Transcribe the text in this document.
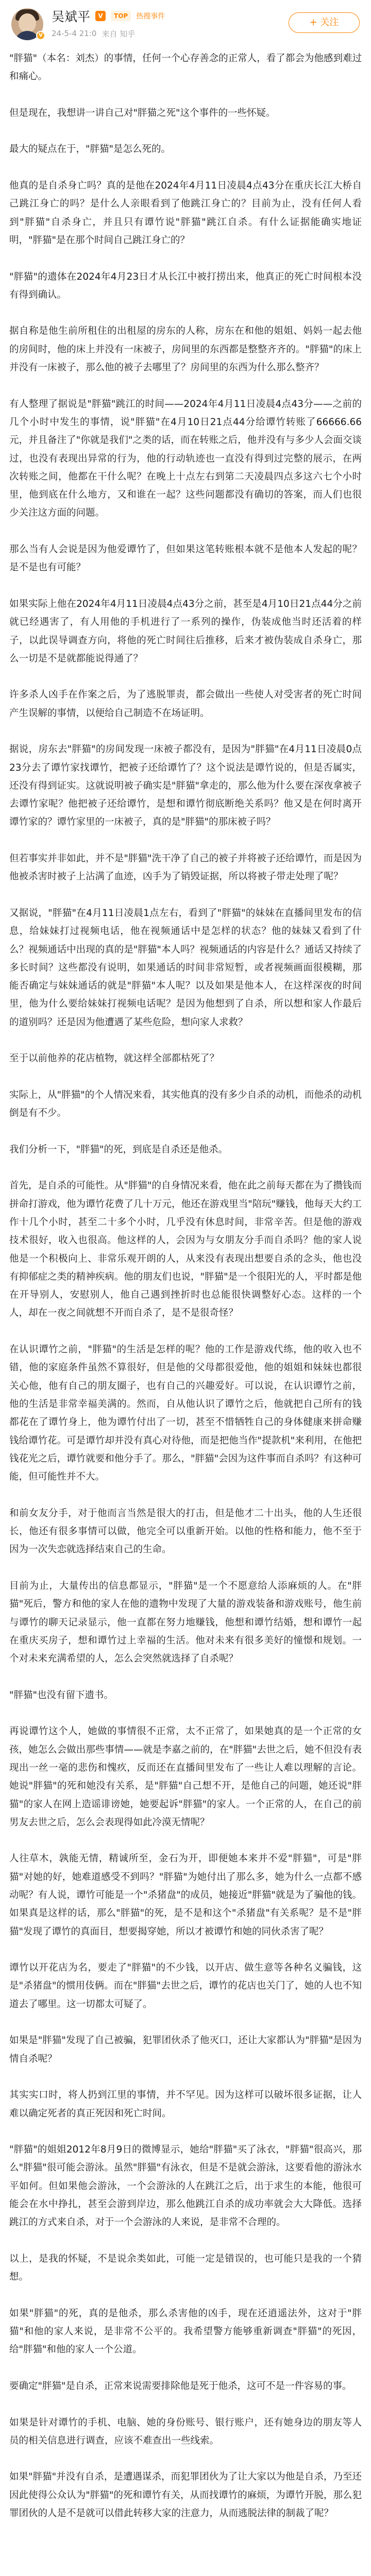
V
吴斌平	V	TOP	热搜事件
24-5-4 21:0 来自 知乎
+ 关注

"胖猫"（本名：刘杰）的事情，任何一个心存善念的正常人，看了都会为他感到难过和痛心。

但是现在，我想讲一讲自己对"胖猫之死"这个事件的一些怀疑。

最大的疑点在于，"胖猫"是怎么死的。

他真的是自杀身亡吗？真的是他在2024年4月11日凌晨4点43分在重庆长江大桥自己跳江身亡的吗？是什么人亲眼看到了他跳江身亡的？目前为止，没有任何人看到"胖猫"自杀身亡，并且只有谭竹说"胖猫"跳江自杀。有什么证据能确实地证明，"胖猫"是在那个时间自己跳江身亡的？

"胖猫"的遗体在2024年4月23日才从长江中被打捞出来，他真正的死亡时间根本没有得到确认。

据自称是他生前所租住的出租屋的房东的人称，房东在和他的姐姐、妈妈一起去他的房间时，他的床上并没有一床被子，房间里的东西都是整整齐齐的。"胖猫"的床上并没有一床被子，那么他的被子去哪里了？房间里的东西为什么那么整齐？

有人整理了据说是"胖猫"跳江的时间——2024年4月11日凌晨4点43分——之前的几个小时中发生的事情，说"胖猫"在4月10日21点44分给谭竹转账了66666.66元，并且备注了"你就是我们"之类的话，而在转账之后，他并没有与多少人会面交谈过，也没有表现出异常的行为，他的行动轨迹也一直没有得到过完整的展示，在两次转账之间，他都在干什么呢？在晚上十点左右到第二天凌晨四点多这六七个小时里，他到底在什么地方，又和谁在一起？这些问题都没有确切的答案，而人们也很少关注这方面的问题。

那么当有人会说是因为他爱谭竹了，但如果这笔转账根本就不是他本人发起的呢？是不是也有可能？

如果实际上他在2024年4月11日凌晨4点43分之前，甚至是4月10日21点44分之前就已经遇害了，有人用他的手机进行了一系列的操作，伪装成他当时还活着的样子，以此误导调查方向，将他的死亡时间往后推移，后来才被伪装成自杀身亡，那么一切是不是就都能说得通了？

许多杀人凶手在作案之后，为了逃脱罪责，都会做出一些使人对受害者的死亡时间产生误解的事情，以便给自己制造不在场证明。

据说，房东去"胖猫"的房间发现一床被子都没有，是因为"胖猫"在4月11日凌晨0点23分去了谭竹家找谭竹，把被子还给谭竹了？这个说法是谭竹说的，但是否属实，还没有得到证实。这就说明被子确实是"胖猫"拿走的，那么他为什么要在深夜拿被子去谭竹家呢？他把被子还给谭竹，是想和谭竹彻底断绝关系吗？他又是在何时离开谭竹家的？谭竹家里的一床被子，真的是"胖猫"的那床被子吗？

但若事实并非如此，并不是"胖猫"洗干净了自己的被子并将被子还给谭竹，而是因为他被杀害时被子上沾满了血迹，凶手为了销毁证据，所以将被子带走处理了呢？

又据说，"胖猫"在4月11日凌晨1点左右，看到了"胖猫"的妹妹在直播间里发布的信息，给妹妹打过视频电话，他在视频通话中是怎样的状态？他的妹妹又看到了什么？视频通话中出现的真的是"胖猫"本人吗？视频通话的内容是什么？通话又持续了多长时间？这些都没有说明，如果通话的时间非常短暂，或者视频画面很模糊，那能否确定与妹妹通话的就是"胖猫"本人呢？以及如果是他本人，在这样深夜的时间里，他为什么要给妹妹打视频电话呢？是因为他想到了自杀，所以想和家人作最后的道别吗？还是因为他遭遇了某些危险，想向家人求救？

至于以前他养的花店植物，就这样全部都枯死了？

实际上，从"胖猫"的个人情况来看，其实他真的没有多少自杀的动机，而他杀的动机倒是有不少。

我们分析一下，"胖猫"的死，到底是自杀还是他杀。

首先，是自杀的可能性。从"胖猫"的自身情况来看，他在此之前每天都在为了攒钱而拼命打游戏，他为谭竹花费了几十万元，他还在游戏里当"陪玩"赚钱，他每天大约工作十几个小时，甚至二十多个小时，几乎没有休息时间，非常辛苦。但是他的游戏技术很好，收入也很高。他这样的人，会因为与女朋友分手而自杀吗？他的家人说他是一个积极向上、非常乐观开朗的人，从来没有表现出想要自杀的念头，他也没有抑郁症之类的精神疾病。他的朋友们也说，"胖猫"是一个很阳光的人，平时都是他在开导别人，安慰别人，他自己遇到挫折时也总能很快调整好心态。这样的一个人，却在一夜之间就想不开而自杀了，是不是很奇怪？

在认识谭竹之前，"胖猫"的生活是怎样的呢？他的工作是游戏代练，他的收入也不错，他的家庭条件虽然不算很好，但是他的父母都很爱他，他的姐姐和妹妹也都很关心他，他有自己的朋友圈子，也有自己的兴趣爱好。可以说，在认识谭竹之前，他的生活是非常幸福美满的。然而，自从他认识了谭竹之后，他就把自己所有的钱都花在了谭竹身上，他为谭竹付出了一切，甚至不惜牺牲自己的身体健康来拼命赚钱给谭竹花。可是谭竹却并没有真心对待他，而是把他当作"提款机"来利用，在他把钱花光之后，谭竹就要和他分手了。那么，"胖猫"会因为这件事而自杀吗？有这种可能，但可能性并不大。

和前女友分手，对于他而言当然是很大的打击，但是他才二十出头，他的人生还很长，他还有很多事情可以做，他完全可以重新开始。以他的性格和能力，他不至于因为一次失恋就选择结束自己的生命。

目前为止，大量传出的信息都显示，"胖猫"是一个不愿意给人添麻烦的人。在"胖猫"死后，警方和他的家人在他的遗物中发现了大量的游戏装备和游戏账号，他生前与谭竹的聊天记录显示，他一直都在努力地赚钱，他想和谭竹结婚，想和谭竹一起在重庆买房子，想和谭竹过上幸福的生活。他对未来有很多美好的憧憬和规划。一个对未来充满希望的人，怎么会突然就选择了自杀呢？

"胖猫"也没有留下遗书。

再说谭竹这个人，她做的事情很不正常，太不正常了，如果她真的是一个正常的女孩，她怎么会做出那些事情——就是李嘉之前的，在"胖猫"去世之后，她不但没有表现出一丝一毫的悲伤和愧疚，反而还在直播间里发布了一些让人难以理解的言论。她说"胖猫"的死和她没有关系，是"胖猫"自己想不开，是他自己的问题，她还说"胖猫"的家人在网上造谣诽谤她，她要起诉"胖猫"的家人。一个正常的人，在自己的前男友去世之后，怎么会表现得如此冷漠无情呢？

人往草木，孰能无情，精诚所至，金石为开，即便她本来并不爱"胖猫"，可是"胖猫"对她的好，她难道感受不到吗？"胖猫"为她付出了那么多，她为什么一点都不感动呢？有人说，谭竹可能是一个"杀猪盘"的成员，她接近"胖猫"就是为了骗他的钱。如果真是这样的话，那么"胖猫"的死，是不是和这个"杀猪盘"有关系呢？是不是"胖猫"发现了谭竹的真面目，想要揭穿她，所以才被谭竹和她的同伙杀害了呢？

谭竹以开花店为名，要走了"胖猫"的不少钱，以开店、做生意等各种名义骗钱，这是"杀猪盘"的惯用伎俩。而在"胖猫"去世之后，谭竹的花店也关门了，她的人也不知道去了哪里。这一切都太可疑了。

如果是"胖猫"发现了自己被骗，犯罪团伙杀了他灭口，还让大家都认为"胖猫"是因为情自杀呢？

其实实口时，将人扔到江里的事情，并不罕见。因为这样可以破坏很多证据，让人难以确定死者的真正死因和死亡时间。

"胖猫"的姐姐2012年8月9日的微博显示，她给"胖猫"买了泳衣，"胖猫"很高兴，那么"胖猫"很可能会游泳。虽然"胖猫"有泳衣，但是不是就会游泳，这要看他的游泳水平如何。但如果他会游泳，一个会游泳的人在跳江之后，出于求生的本能，他很可能会在水中挣扎，甚至会游到岸边，那么他跳江自杀的成功率就会大大降低。选择跳江的方式来自杀，对于一个会游泳的人来说，是非常不合理的。

以上，是我的怀疑，不是说余类如此，可能一定是错误的，也可能只是我的一个猜想。

如果"胖猫"的死，真的是他杀，那么杀害他的凶手，现在还逍遥法外，这对于"胖猫"和他的家人来说，是非常不公平的。我希望警方能够重新调查"胖猫"的死因，给"胖猫"和他的家人一个公道。

要确定"胖猫"是自杀，正常来说需要排除他是死于他杀，这可不是一件容易的事。

如果是针对谭竹的手机、电脑、她的身份账号、银行账户，还有她身边的朋友等人员的相关信息进行调查，应该不难查出一些线索。

如果"胖猫"并没有自杀，是遭遇谋杀，而犯罪团伙为了让大家以为他是自杀，乃至还因此使得公众认为"胖猫"的死和谭竹有关，从而找谭竹的麻烦，为谭竹开脱，那么犯罪团伙的人是不是就可以借此转移大家的注意力，从而逃脱法律的制裁了呢？
